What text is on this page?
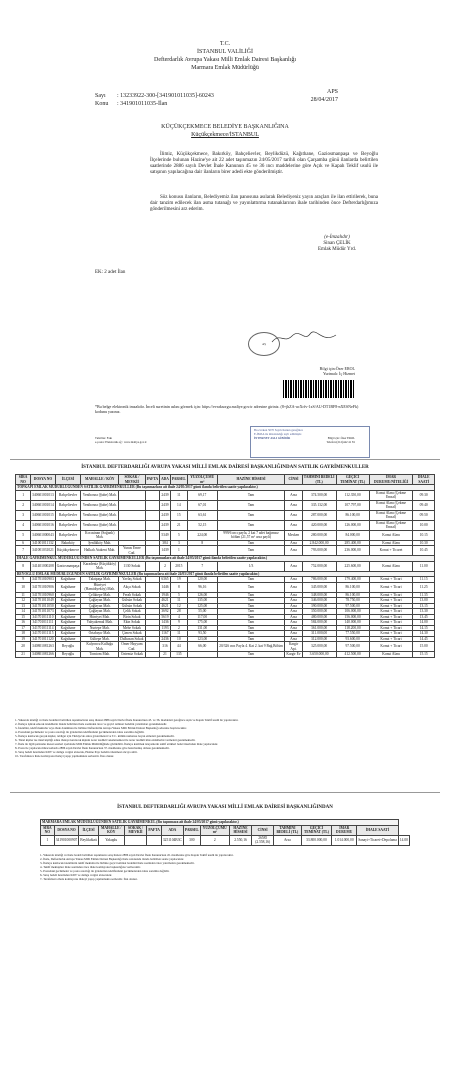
T.C.
İSTANBUL VALİLİĞİ
Defterdarlık Avrupa Yakası Milli Emlak Dairesi Başkanlığı
Marmara Emlak Müdürlüğü
Sayı : 13233922-300-[341901011035]-60243
Konu : 341901011035-İlan
APS
28/04/2017
KÜÇÜKÇEKMECE BELEDİYE BAŞKANLIĞINA
Küçükçekmece/İSTANBUL
İlimiz, Küçükçekmece, Bakırköy, Bahçelievler, Beylikdüzü, Kağıthane, Gaziosmanpaşa ve Beyoğlu İlçelerinde bulunan Hazine'ye ait 22 adet taşınmazın 24/05/2017 tarihli olan Çarşamba günü ilanlarda belirtilen saatlerinde 2886 sayılı Devlet İhale Kanunun 45 ve 36 ıncı maddelerine göre Açık ve Kapalı Teklif usulü ile satışının yapılacağına dair ilanların birer adedi ekte gönderilmiştir.
Söz konusu ilanların, Belediyemiz ilan panosuna asılarak Belediyeniz yayın araçları ile ilan ettirilerek, buna dair tanzim edilecek ilan asma tutanağı ve yayınlattırma tutanaklarının ihale tarihinden önce Defterdarlığımıza gönderilmesini arz ederim.
(e-İmzalıdır)
Sinan ÇELİK
Emlak Müdür Yrd.
EK: 2 adet İlan
AŞ
Bilgi için:Özer EROL
Yurtmalı: İç Hizmet
*Bu belge elektronik imzalıdır. İnceli suretinin aslını görmek için: https://evraksorgu.maliye.gov.tr adresine giriniz. (8+jhZA-ucXrfv-1xS/AU-DT1BF8-nXESNeFk) kodunu yazınız.
Tulsillas: Fakı
e-posta: Elektronik ağ : www.maliye.gov.tr
Bu evrakın 5070 Sayılı Kanun gereğince
E-İMZA ile imzalandığı teyit edilmiştir.
İNTERNET ASLI GİBİDİR	Bilgi için: Özer EROL
Telefon:(212)442 41 81
İSTANBUL DEFTERDARLIĞI AVRUPA YAKASI MİLLİ EMLAK DAİRESİ BAŞKANLIĞINDAN SATILIK GAYRİMENKULLER
SIRA NO	DOSYA NO	İLÇESİ	MAHALLE / KÖY	SOKAK / MEVKİİ	PAFTA	ADA	PARSEL	YÜZÖLÇÜMÜ m²	HAZİNE HİSSESİ	CİNSİ	TAHMİNİ BEDELİ (TL)	GEÇİCİ TEMİNAT (TL)	İMAR DURUMU/NİTELİĞİ	İHALE SAATİ
TOPKAPI EMLAK MÜDÜRLÜĞÜNDEN SATILIK GAYRİMENKULLER (Bu taşınmazlara ait ihale 24/05/2017 günü ilanda belirtilen saatte yapılacaktır.)														
1	340601001013	Bahçelievler	Yenibosna (Şube) Mah.			2439	11	69,17	Tam	Arsa	374.500,00	112.350,00	Konut Alanı (Çekme Emsal)	09.30
2	340601001014	Bahçelievler	Yenibosna (Şube) Mah.			2439	14	67,01	Tam	Arsa	335.132,00	107.797,00	Konut Alanı (Çekme Emsal)	09.40
3	340601001015	Bahçelievler	Yenibosna (Şube) Mah.			2439	15	63,61	Tam	Arsa	287.000,00	86.100,00	Konut Alanı (Çekme Emsal)	09.50
4	340601001016	Bahçelievler	Yenibosna (Şube) Mah.			2439	21	52,15	Tam	Arsa	420.000,00	126.000,00	Konut Alanı (Çekme Emsal)	10.00
5	340601000043	Bahçelievler	Kocasinan (Soğanlı) Mah.			5349	5	224,00	999/6 ıncı payla, 2 kat 7 adet bağımsız bölüm (21,57 m² arsa payli)	Mesken	280.000,00	84.000,00	Konut Alanı	10.15
6	341001011132	Bakırköy	Şenlikköy Mah.			384	3	8	Tam	Arsa	2.842.000,00	285.400,00	Konut Alanı	10.30
7	341001031021	Küçükçekmece	Halkalı Atakent Mah.	Yunus Emre Cad.		1439	1		Tam	Arsa	793.000,00	236.000,00	Konut + Ticaret	10.45
İHALE GAYRİMENKUL MÜDÜRLÜĞÜNDEN SATILIK GAYRİMENKULLER (Bu taşınmazlara ait ihale 24/05/2017 günü ilanda belirtilen saatte yapılacaktır.)														
8	341401000208	Gaziosmanpaşa	Karadeniz (Küçükköy) Mah.	1130 Sokak		2	2015	7	1/3	Arsa	752.000,00	225.600,00	Konut Alanı	11.00
BEYOĞLU EMLAK MÜDÜRLÜĞÜNDEN SATILIK GAYRİMENKULLER (Bu taşınmazlara ait ihale 24/05/2017 günü ilanda belirtilen saatte yapılacaktır.)														
9	341701010903	Kağıthane	Talatpaşa Mah.	Yavlaş Sokak		6365	19	120,00	Tam	Arsa	786.000,00	179.400,00	Konut + Ticari	11.15
10	341701010906	Kağıthane	Hürriyet (Hamidiyeköy) Mah.	Akça Sokak		1446	8	96,16	Tam	Arsa	345.000,00	86.100,00	Konut + Ticari	11.25
11	341701010960	Kağıthane	Çeliktepe Mah.	Ferah Sokak		1946	5	126,00	Tam	Arsa	348.000,00	86.100,00	Konut + Ticari	11.35
12	341701011049	Kağıthane	Çağlayan Mah.	Gülsün Sokak		4621	11	135,00	Tam	Arsa	346.000,00	78.750,00	Konut + Ticari	13.00
13	341701011050	Kağıthane	Çağlayan Mah.	Gülsün Sokak		4621	12	125,00	Tam	Arsa	390.000,00	97.500,00	Konut + Ticari	13.15
14	341701011073	Kağıthane	Çağlayan Mah.	Çelik Sokak		3692	28	55,00	Tam	Arsa	350.000,00	106.000,00	Konut + Ticari	13.30
15	341701011110	Kağıthane	Hürriyet Mah.	Birin Sokak		5619	4	117,00	Tam	Arsa	480.000,00	156.000,00	Konut + Ticari	13.45
16	341701011111	Kağıthane	Yahyakemal Mah.	Ekin Sokak		1436	9	175,00	Tam	Arsa	584.000,00	140.000,00	Konut + Ticari	14.00
17	341701011114	Kağıthane	Nurtepe Mah.	Mehe Sokak		1193	2	131,00	Tam	Arsa	361.000,00	118.200,00	Konut + Ticari	14.15
18	341701011115	Kağıthane	Ortabayır Mah.	Çimen Sokak		1167	11	93,50	Tam	Arsa	311.000,00	77.550,00	Konut + Ticari	14.30
19	341701011120	Kağıthane	Gültepe Mah.	Dalbasan Sokak		2436	10	123,00	Tam	Arsa	312.000,00	93.600,00	Konut + Ticari	14.45
20	340801081263	Beyoğlu	Kalyoncu Kulluğu Mah.	Ömer Hayyam Cad.		316	44	66,00	20/326 ıncı Payla 4. Kat 2. kat 9 Bağ.Bölüm	Kargir Apt.	325.000,00	97.500,00	Konut + Ticari	15.00
21	340801081266	Beyoğlu	Tomtom Mah.	Öztemiz Sokak		21	135		Tam	Kargir Ev	3.650.000,00	412.500,00	Konut Alanı	15.15
1- Yukarıda niteliği ve ihale bedelleri belirtilen taşınmazların satış ihalesi 2886 sayılı Devlet İhale Kanunu'nun 45. ve 36. maddeleri gereğince Açık ve Kapalı Teklif usulü ile yapılacaktır.
2- İhaleye iştirak edecek isteklilerin ilanda belirtilen ihale saatinden önce ve geçici teminat bedelini yatırmaları gerekmektedir.
3- İstekliler, teklif mektubu veya ihale dokümanı ile birlikte Defterdarlık Avrupa Yakası Milli Emlak Dairesi Başkanlığı adresine başvuracaktır.
4- Postadaki gecikmeler ve posta aracılığı ile gönderilen tekliflerdeki gecikmelerden idare sorumlu değildir.
5- İhaleye katılacak gerçek kişiler, tebligat için Türkiye'de adres göstermeleri ve T.C. kimlik numarası beyan etmeleri gerekmektedir.
6- Tüzel kişiler ise tüzel kişiliği adına ihaleye katılacak kişinin noter tasdikli vekaletnamesi ile noter tasdikli imza sirkülerini vermeleri gerekmektedir.
7- İhale ile ilgili şartname mesai saatleri içerisinde Milli Emlak Müdürlüğünde görülebilir. İhaleye katılmak isteyenlerin teklif ettikleri bedel üzerinden ihale yapılacaktır.
8- Posta ile yapılacak müracaatlarda 2886 sayılı Devlet İhale Kanunu'nun 37. maddesine göre hazırlanmış olması gerekmektedir.
9- Satış bedeli üzerinden KDV ve damga vergisi alınacak, Hazine Payı bedelin ödenmesi alıcıya aittir.
10- Tarafımızca ihale komisyonu ihaleyi yapıp yapmamakta serbesttir. İlan olunur.
İSTANBUL DEFTERDARLIĞI AVRUPA YAKASI MİLLİ EMLAK DAİRESİ BAŞKANLIĞINDAN
MARMARA EMLAK MÜDÜRLÜĞÜNDEN SATILIK GAYRİMENKUL (Bu taşınmaza ait ihale 24/05/2017 günü yapılacaktır.)															
SIRA NO	DOSYA NO	İLÇESİ	MAHALLE / KÖY	SOKAK / MEVKİİ	PAFTA	ADA	PARSEL	YÜZÖLÇÜMÜ m²	HAZİNE HİSSESİ	CİNSİ	TAHMİNİ BEDELİ (TL)	GEÇİCİ TEMİNAT (TL)	İMAR DURUMU	İHALE SAATİ	
1	341901000907	Beylikdüzü	Yakuplu			3251104B3C	300	2	2.550,16	26585 (2.558,16)	Arsa	33.800.000,00	1.014.000,00	Sanayi+Ticaret+Depolama	14.00
1- Yukarıda niteliği ve ihale bedeli belirtilen taşınmazın satış ihalesi 2886 sayılı Devlet İhale Kanunu'nun 45. maddesine göre Kapalı Teklif usulü ile yapılacaktır.
2- İhale, Defterdarlık Avrupa Yakası Milli Emlak Dairesi Başkanlığı ihale salonunda ilanda belirtilen saatte yapılacaktır.
3- İhaleye katılacak isteklilerin teklif mektubu ile birlikte geçici teminat bedelini ihale saatinden önce yatırmaları gerekmektedir.
4- Teklif mektupları ihale saatinden önce ihale komisyonu başkanlığına verilecektir.
5- Postadaki gecikmeler ve posta aracılığı ile gönderilen tekliflerdeki gecikmelerden idare sorumlu değildir.
6- Satış bedeli üzerinden KDV ve damga vergisi alınacaktır.
7- Tarafımızca ihale komisyonu ihaleyi yapıp yapmamakta serbesttir. İlan olunur.
